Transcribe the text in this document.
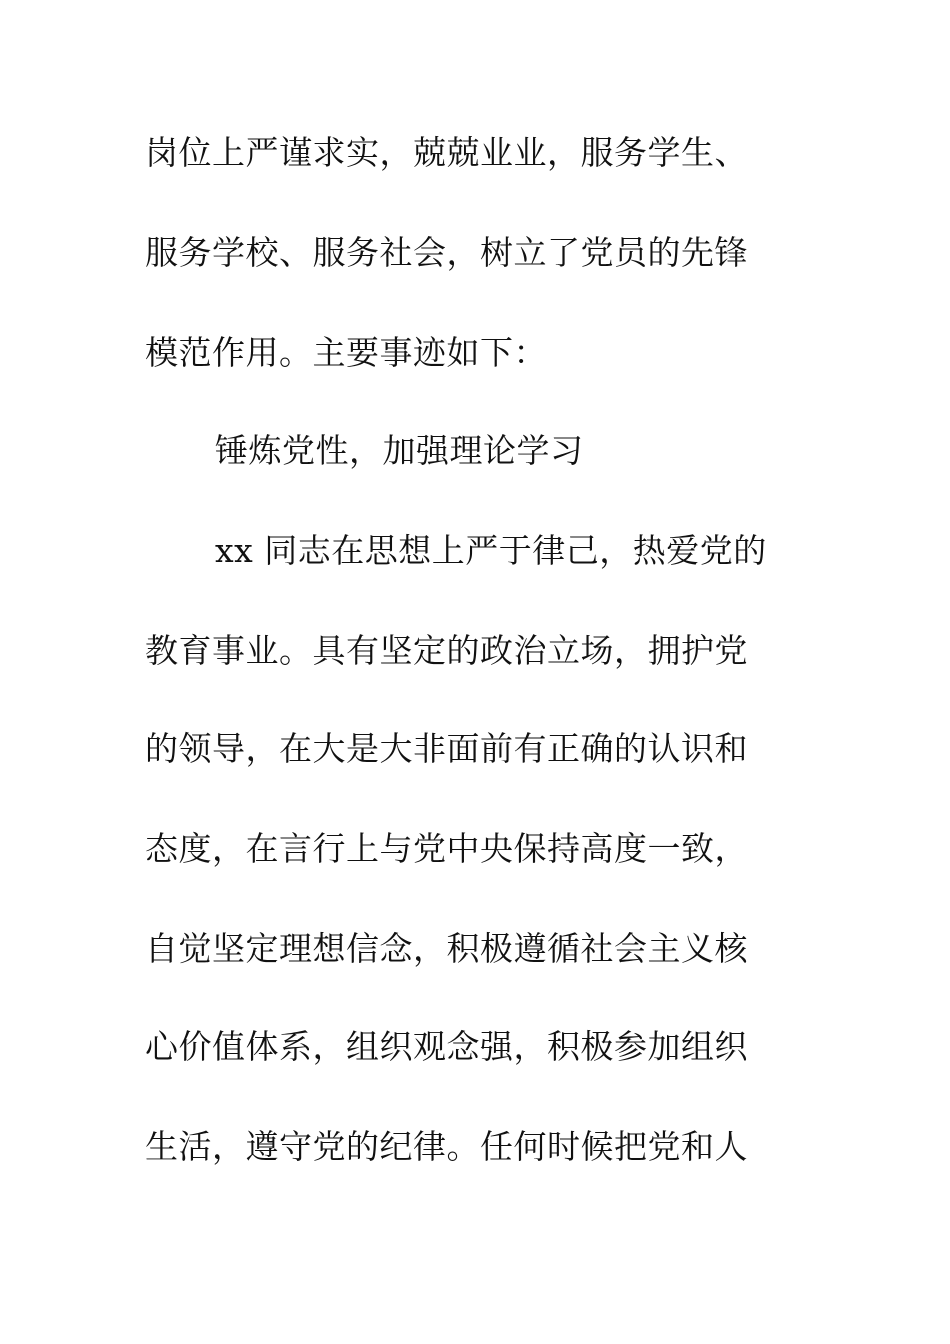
岗位上严谨求实，兢兢业业，服务学生、
服务学校、服务社会，树立了党员的先锋
模范作用。主要事迹如下：
锤炼党性，加强理论学习
xx 同志在思想上严于律己，热爱党的
教育事业。具有坚定的政治立场，拥护党
的领导，在大是大非面前有正确的认识和
态度，在言行上与党中央保持高度一致，
自觉坚定理想信念，积极遵循社会主义核
心价值体系，组织观念强，积极参加组织
生活，遵守党的纪律。任何时候把党和人
